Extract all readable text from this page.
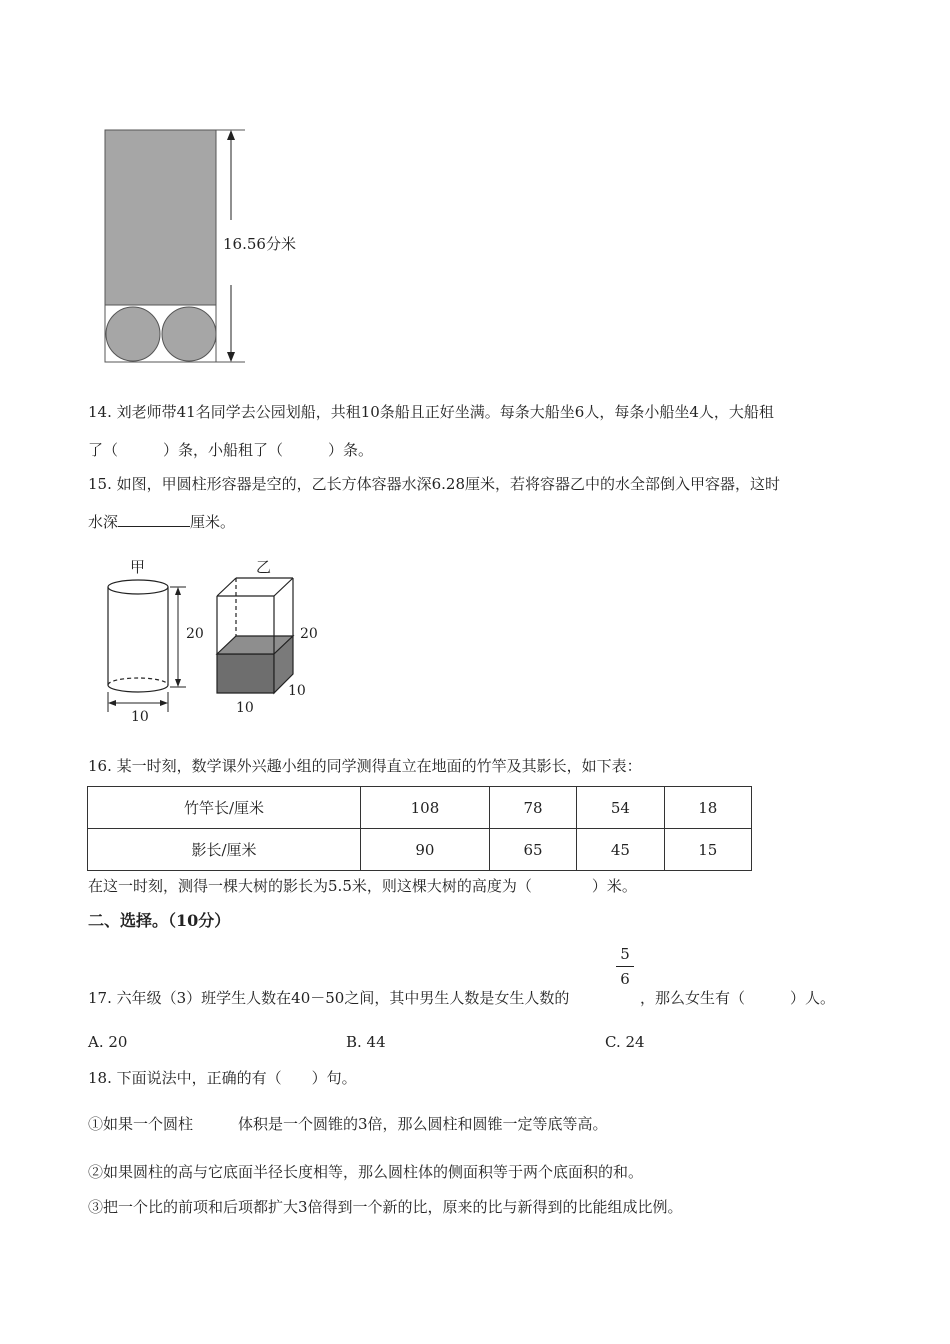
16.56分米
14. 刘老师带41名同学去公园划船，共租10条船且正好坐满。每条大船坐6人，每条小船坐4人，大船租
了（　　　）条，小船租了（　　　）条。
15. 如图，甲圆柱形容器是空的，乙长方体容器水深6.28厘米，若将容器乙中的水全部倒入甲容器，这时
水深	厘米。
甲
20
10
乙
20
10
10
16. 某一时刻，数学课外兴趣小组的同学测得直立在地面的竹竿及其影长，如下表：
竹竿长/厘米	108	78	54	18
影长/厘米	90	65	45	15
在这一时刻，测得一棵大树的影长为5.5米，则这棵大树的高度为（　　　　）米。
二、选择。（10分）
5
6
17. 六年级（3）班学生人数在40－50之间，其中男生人数是女生人数的	，那么女生有（　　　）人。
A. 20	B. 44	C. 24
18. 下面说法中，正确的有（　　）句。
①如果一个圆柱　　　体积是一个圆锥的3倍，那么圆柱和圆锥一定等底等高。
②如果圆柱的高与它底面半径长度相等，那么圆柱体的侧面积等于两个底面积的和。
③把一个比的前项和后项都扩大3倍得到一个新的比，原来的比与新得到的比能组成比例。
